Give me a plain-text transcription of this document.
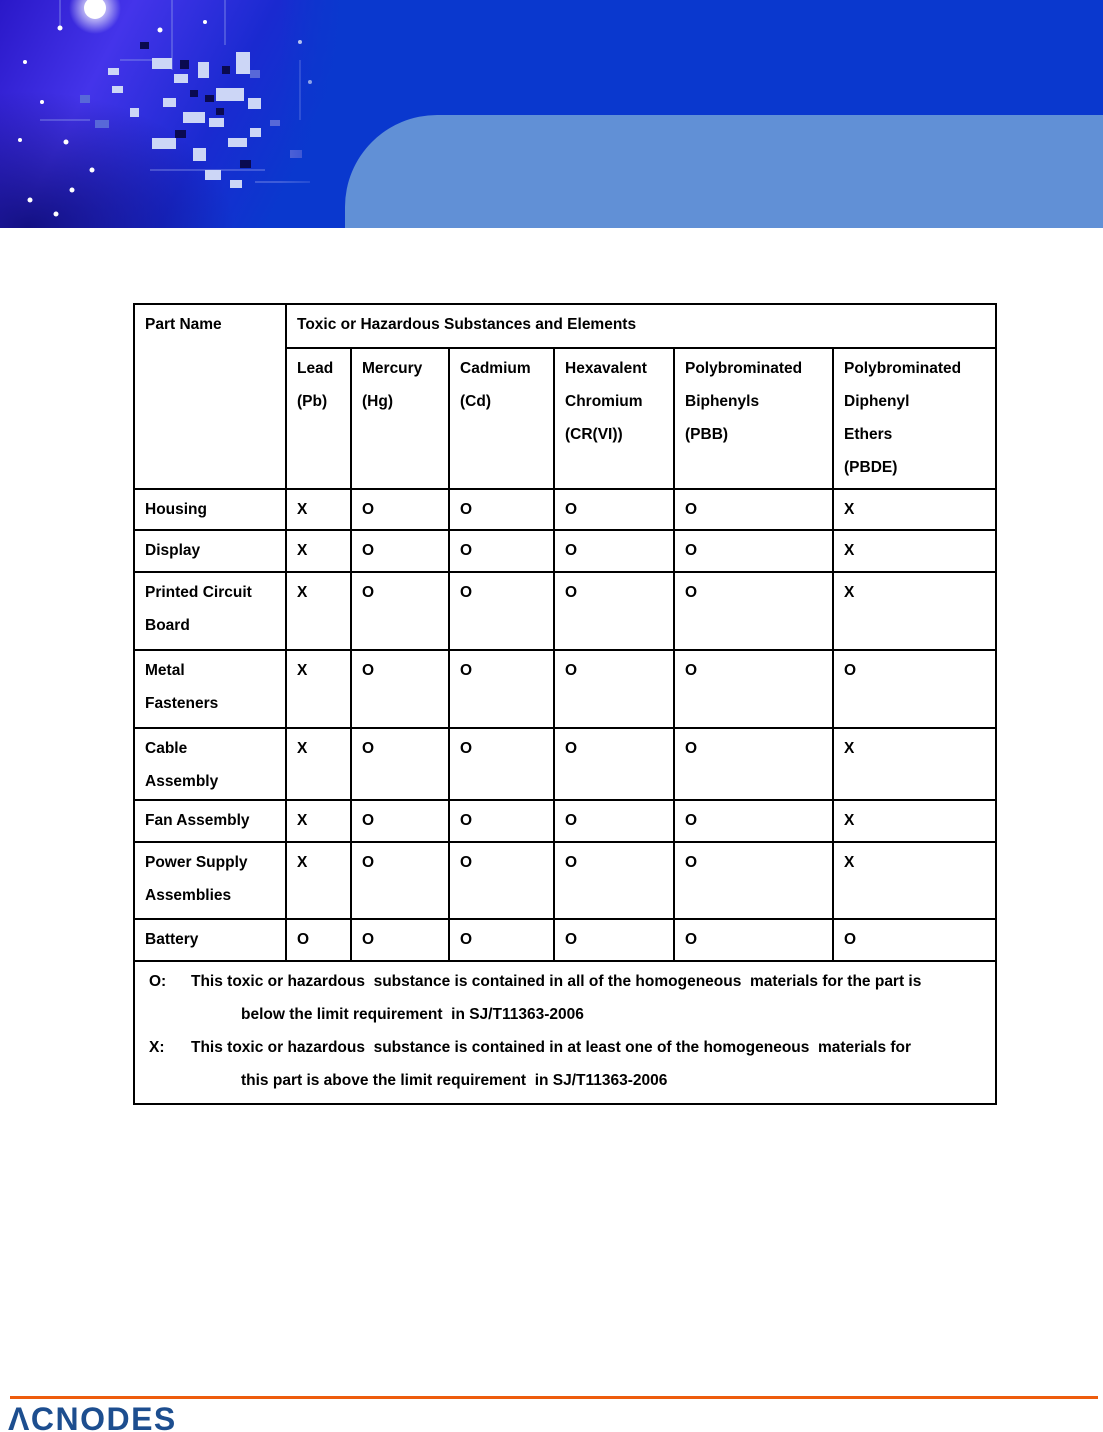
Part Name	Toxic or Hazardous Substances and Elements					

Lead
(Pb)

Mercury
(Hg)

Cadmium
(Cd)

Hexavalent
Chromium
(CR(VI))

Polybrominated
Biphenyls
(PBB)

Polybrominated
Diphenyl
Ethers
(PBDE)

Housing	X	O	O	O	O	X

Display	X	O	O	O	O	X

Printed Circuit
Board	X	O	O	O	O	X

Metal
Fasteners	X	O	O	O	O	O

Cable
Assembly	X	O	O	O	O	X

Fan Assembly	X	O	O	O	O	X

Power Supply
Assemblies	X	O	O	O	O	X

Battery	O	O	O	O	O	O

O:	This toxic or hazardous  substance is contained in all of the homogeneous  materials for the part is
below the limit requirement  in SJ/T11363-2006
X:	This toxic or hazardous  substance is contained in at least one of the homogeneous  materials for
this part is above the limit requirement  in SJ/T11363-2006
ΛCNODES
